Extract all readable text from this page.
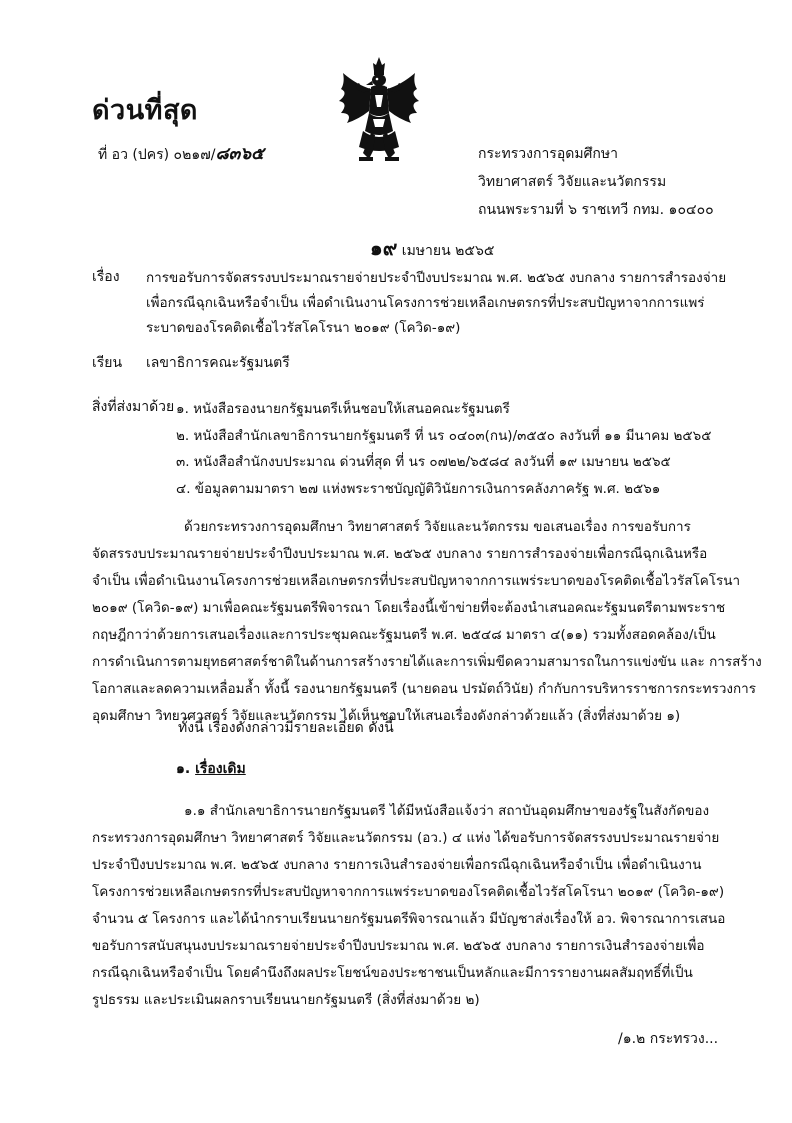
ด่วนที่สุด
ที่ อว (ปคร) ๐๒๑๗/๘๓๖๕	กระทรวงการอุดมศึกษา
วิทยาศาสตร์ วิจัยและนวัตกรรม
ถนนพระรามที่ ๖ ราชเทวี กทม. ๑๐๔๐๐
๑๙ เมษายน ๒๕๖๕
เรื่อง การขอรับการจัดสรรงบประมาณรายจ่ายประจำปีงบประมาณ พ.ศ. ๒๕๖๕ งบกลาง รายการสำรองจ่าย
เพื่อกรณีฉุกเฉินหรือจำเป็น เพื่อดำเนินงานโครงการช่วยเหลือเกษตรกรที่ประสบปัญหาจากการแพร่
ระบาดของโรคติดเชื้อไวรัสโคโรนา ๒๐๑๙ (โควิด-๑๙)
เรียน เลขาธิการคณะรัฐมนตรี
สิ่งที่ส่งมาด้วย ๑. หนังสือรองนายกรัฐมนตรีเห็นชอบให้เสนอคณะรัฐมนตรี
๒. หนังสือสำนักเลขาธิการนายกรัฐมนตรี ที่ นร ๐๔๐๓(กน)/๓๕๕๐ ลงวันที่ ๑๑ มีนาคม ๒๕๖๕
๓. หนังสือสำนักงบประมาณ ด่วนที่สุด ที่ นร ๐๗๒๒/๖๕๘๔ ลงวันที่ ๑๙ เมษายน ๒๕๖๕
๔. ข้อมูลตามมาตรา ๒๗ แห่งพระราชบัญญัติวินัยการเงินการคลังภาครัฐ พ.ศ. ๒๕๖๑
ด้วยกระทรวงการอุดมศึกษา วิทยาศาสตร์ วิจัยและนวัตกรรม ขอเสนอเรื่อง การขอรับการ
จัดสรรงบประมาณรายจ่ายประจำปีงบประมาณ พ.ศ. ๒๕๖๕ งบกลาง รายการสำรองจ่ายเพื่อกรณีฉุกเฉินหรือ
จำเป็น เพื่อดำเนินงานโครงการช่วยเหลือเกษตรกรที่ประสบปัญหาจากการแพร่ระบาดของโรคติดเชื้อไวรัสโคโรนา
๒๐๑๙ (โควิด-๑๙) มาเพื่อคณะรัฐมนตรีพิจารณา โดยเรื่องนี้เข้าข่ายที่จะต้องนำเสนอคณะรัฐมนตรีตามพระราช
กฤษฎีกาว่าด้วยการเสนอเรื่องและการประชุมคณะรัฐมนตรี พ.ศ. ๒๕๔๘ มาตรา ๔(๑๑) รวมทั้งสอดคล้อง/เป็น
การดำเนินการตามยุทธศาสตร์ชาติในด้านการสร้างรายได้และการเพิ่มขีดความสามารถในการแข่งขัน และ การสร้าง
โอกาสและลดความเหลื่อมล้ำ ทั้งนี้ รองนายกรัฐมนตรี (นายดอน ปรมัตถ์วินัย) กำกับการบริหารราชการกระทรวงการ
อุดมศึกษา วิทยาศาสตร์ วิจัยและนวัตกรรม ได้เห็นชอบให้เสนอเรื่องดังกล่าวด้วยแล้ว (สิ่งที่ส่งมาด้วย ๑)
ทั้งนี้ เรื่องดังกล่าวมีรายละเอียด ดังนี้
๑. เรื่องเดิม
๑.๑ สำนักเลขาธิการนายกรัฐมนตรี ได้มีหนังสือแจ้งว่า สถาบันอุดมศึกษาของรัฐในสังกัดของ
กระทรวงการอุดมศึกษา วิทยาศาสตร์ วิจัยและนวัตกรรม (อว.) ๔ แห่ง ได้ขอรับการจัดสรรงบประมาณรายจ่าย
ประจำปีงบประมาณ พ.ศ. ๒๕๖๕ งบกลาง รายการเงินสำรองจ่ายเพื่อกรณีฉุกเฉินหรือจำเป็น เพื่อดำเนินงาน
โครงการช่วยเหลือเกษตรกรที่ประสบปัญหาจากการแพร่ระบาดของโรคติดเชื้อไวรัสโคโรนา ๒๐๑๙ (โควิด-๑๙)
จำนวน ๕ โครงการ และได้นำกราบเรียนนายกรัฐมนตรีพิจารณาแล้ว มีบัญชาส่งเรื่องให้ อว. พิจารณาการเสนอ
ขอรับการสนับสนุนงบประมาณรายจ่ายประจำปีงบประมาณ พ.ศ. ๒๕๖๕ งบกลาง รายการเงินสำรองจ่ายเพื่อ
กรณีฉุกเฉินหรือจำเป็น โดยคำนึงถึงผลประโยชน์ของประชาชนเป็นหลักและมีการรายงานผลสัมฤทธิ์ที่เป็น
รูปธรรม และประเมินผลกราบเรียนนายกรัฐมนตรี (สิ่งที่ส่งมาด้วย ๒)
/๑.๒ กระทรวง...
